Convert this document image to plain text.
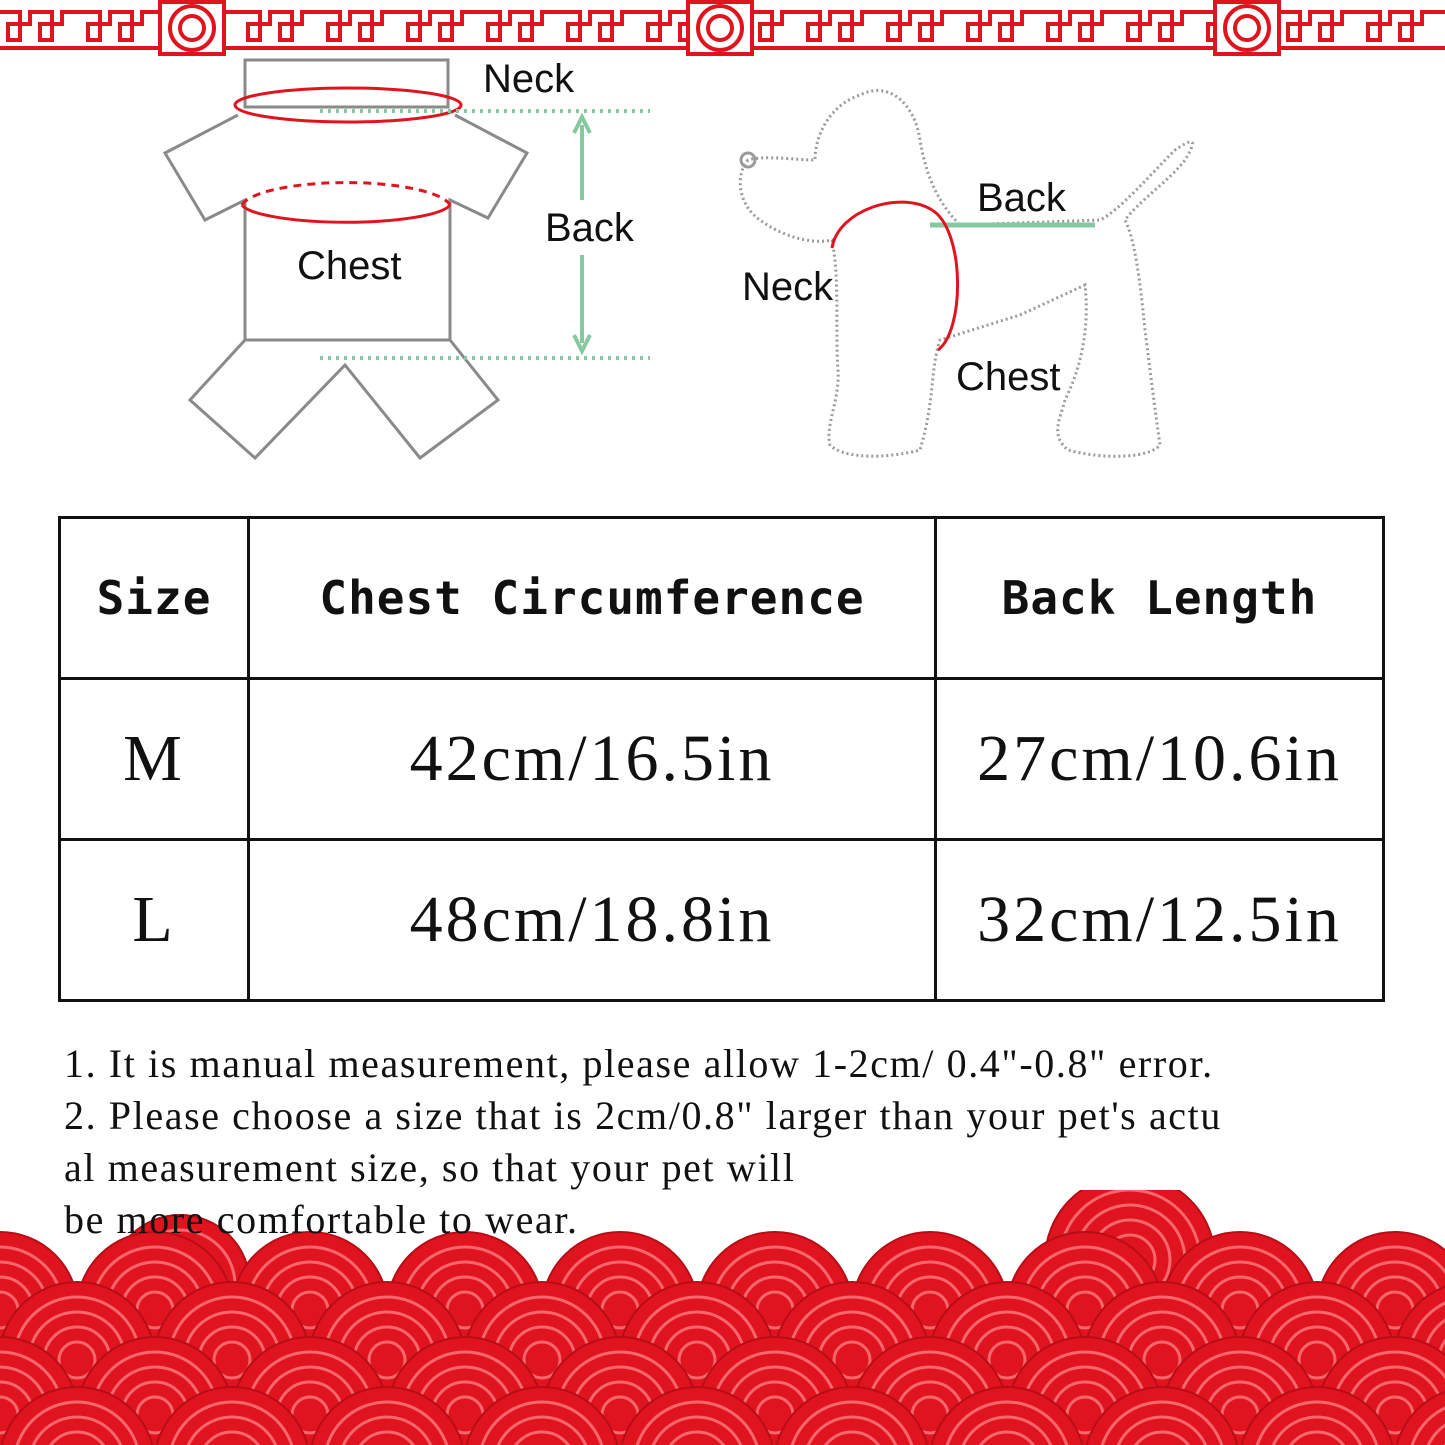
Neck
Back
Chest
Back
Neck
Chest
Size	Chest Circumference	Back Length
M	42cm/16.5in	27cm/10.6in
L	48cm/18.8in	32cm/12.5in
1. It is manual measurement, please allow 1-2cm/ 0.4"-0.8" error.
2. Please choose a size that is 2cm/0.8" larger than your pet's actu
al measurement size, so that your pet will
be more comfortable to wear.
